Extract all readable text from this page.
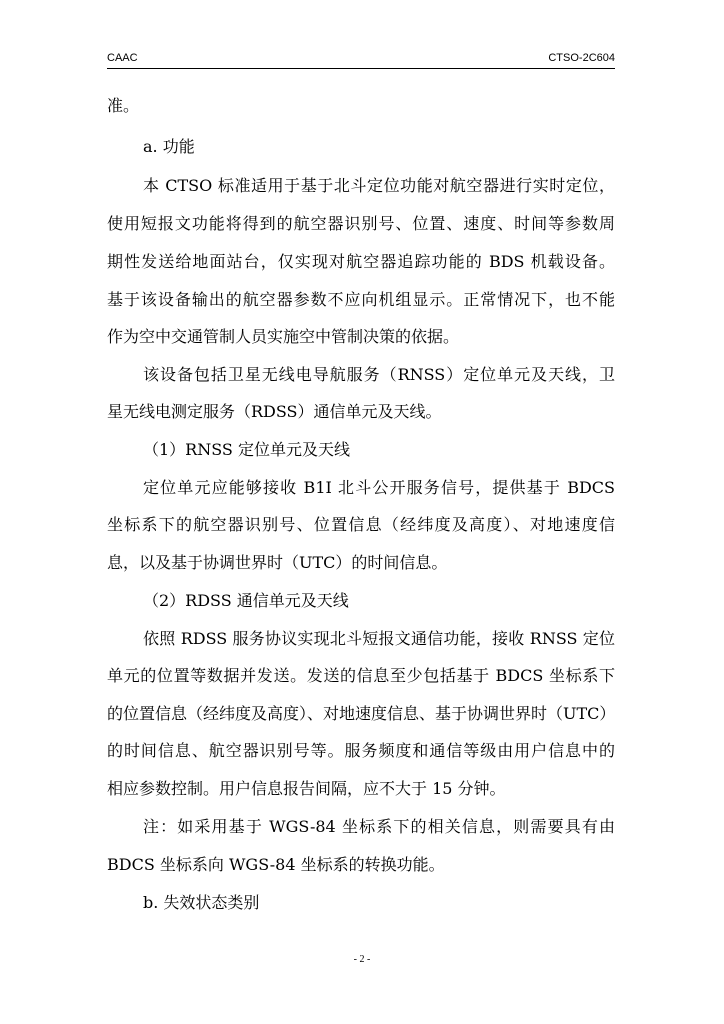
CAAC	CTSO-2C604
准。
a. 功能
本 CTSO 标准适用于基于北斗定位功能对航空器进行实时定位，
使用短报文功能将得到的航空器识别号、位置、速度、时间等参数周
期性发送给地面站台，仅实现对航空器追踪功能的 BDS 机载设备。
基于该设备输出的航空器参数不应向机组显示。正常情况下，也不能
作为空中交通管制人员实施空中管制决策的依据。
该设备包括卫星无线电导航服务（RNSS）定位单元及天线，卫
星无线电测定服务（RDSS）通信单元及天线。
（1）RNSS 定位单元及天线
定位单元应能够接收 B1I 北斗公开服务信号，提供基于 BDCS
坐标系下的航空器识别号、位置信息（经纬度及高度）、对地速度信
息，以及基于协调世界时（UTC）的时间信息。
（2）RDSS 通信单元及天线
依照 RDSS 服务协议实现北斗短报文通信功能，接收 RNSS 定位
单元的位置等数据并发送。发送的信息至少包括基于 BDCS 坐标系下
的位置信息（经纬度及高度）、对地速度信息、基于协调世界时（UTC）
的时间信息、航空器识别号等。服务频度和通信等级由用户信息中的
相应参数控制。用户信息报告间隔，应不大于 15 分钟。
注：如采用基于 WGS-84 坐标系下的相关信息，则需要具有由
BDCS 坐标系向 WGS-84 坐标系的转换功能。
b. 失效状态类别
- 2 -
